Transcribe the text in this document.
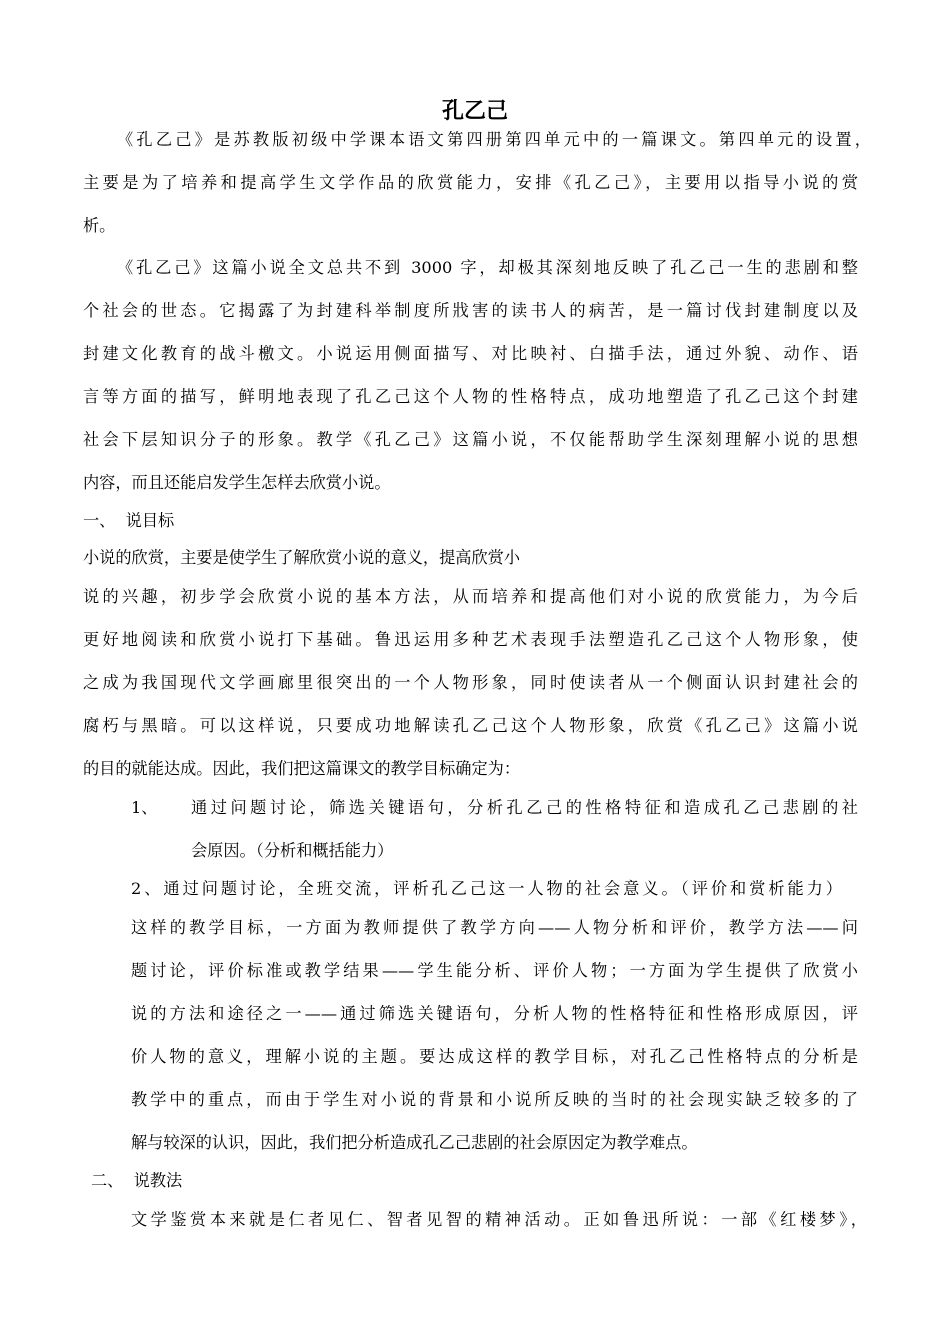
孔乙己
《孔乙己》是苏教版初级中学课本语文第四册第四单元中的一篇课文。第四单元的设置，
主要是为了培养和提高学生文学作品的欣赏能力，安排《孔乙己》，主要用以指导小说的赏
析。
《孔乙己》这篇小说全文总共不到 3000 字，却极其深刻地反映了孔乙己一生的悲剧和整
个社会的世态。它揭露了为封建科举制度所戕害的读书人的病苦，是一篇讨伐封建制度以及
封建文化教育的战斗檄文。小说运用侧面描写、对比映衬、白描手法，通过外貌、动作、语
言等方面的描写，鲜明地表现了孔乙己这个人物的性格特点，成功地塑造了孔乙己这个封建
社会下层知识分子的形象。教学《孔乙己》这篇小说，不仅能帮助学生深刻理解小说的思想
内容，而且还能启发学生怎样去欣赏小说。
一、  说目标
小说的欣赏，主要是使学生了解欣赏小说的意义，提高欣赏小
说的兴趣，初步学会欣赏小说的基本方法，从而培养和提高他们对小说的欣赏能力，为今后
更好地阅读和欣赏小说打下基础。鲁迅运用多种艺术表现手法塑造孔乙己这个人物形象，使
之成为我国现代文学画廊里很突出的一个人物形象，同时使读者从一个侧面认识封建社会的
腐朽与黑暗。可以这样说，只要成功地解读孔乙己这个人物形象，欣赏《孔乙己》这篇小说
的目的就能达成。因此，我们把这篇课文的教学目标确定为：
1、 通过问题讨论，筛选关键语句，分析孔乙己的性格特征和造成孔乙己悲剧的社
会原因。（分析和概括能力）
2、通过问题讨论，全班交流，评析孔乙己这一人物的社会意义。（评价和赏析能力）
这样的教学目标，一方面为教师提供了教学方向——人物分析和评价，教学方法——问
题讨论，评价标准或教学结果——学生能分析、评价人物；一方面为学生提供了欣赏小
说的方法和途径之一——通过筛选关键语句，分析人物的性格特征和性格形成原因，评
价人物的意义，理解小说的主题。要达成这样的教学目标，对孔乙己性格特点的分析是
教学中的重点，而由于学生对小说的背景和小说所反映的当时的社会现实缺乏较多的了
解与较深的认识，因此，我们把分析造成孔乙己悲剧的社会原因定为教学难点。
二、  说教法
文学鉴赏本来就是仁者见仁、智者见智的精神活动。正如鲁迅所说：一部《红楼梦》，
